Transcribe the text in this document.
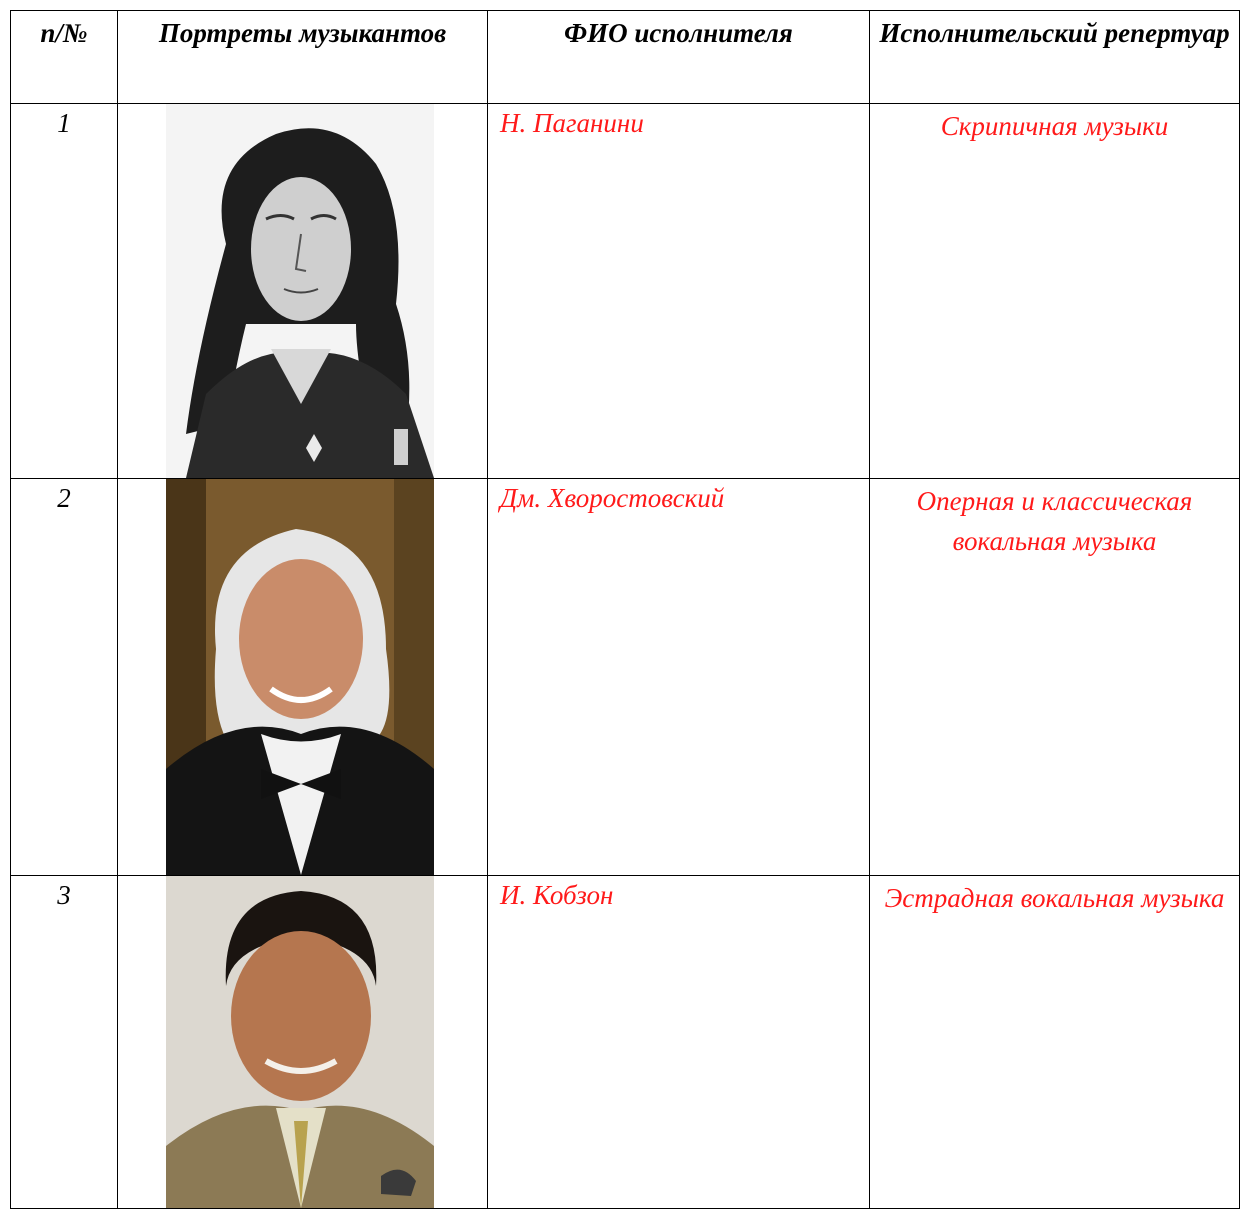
п/№	Портреты музыкантов	ФИО исполнителя	Исполнительский репертуар
1		Н. Паганини	Скрипичная музыки
2		Дм. Хворостовский	Оперная и классическая вокальная музыка
3		И. Кобзон	Эстрадная вокальная музыка
